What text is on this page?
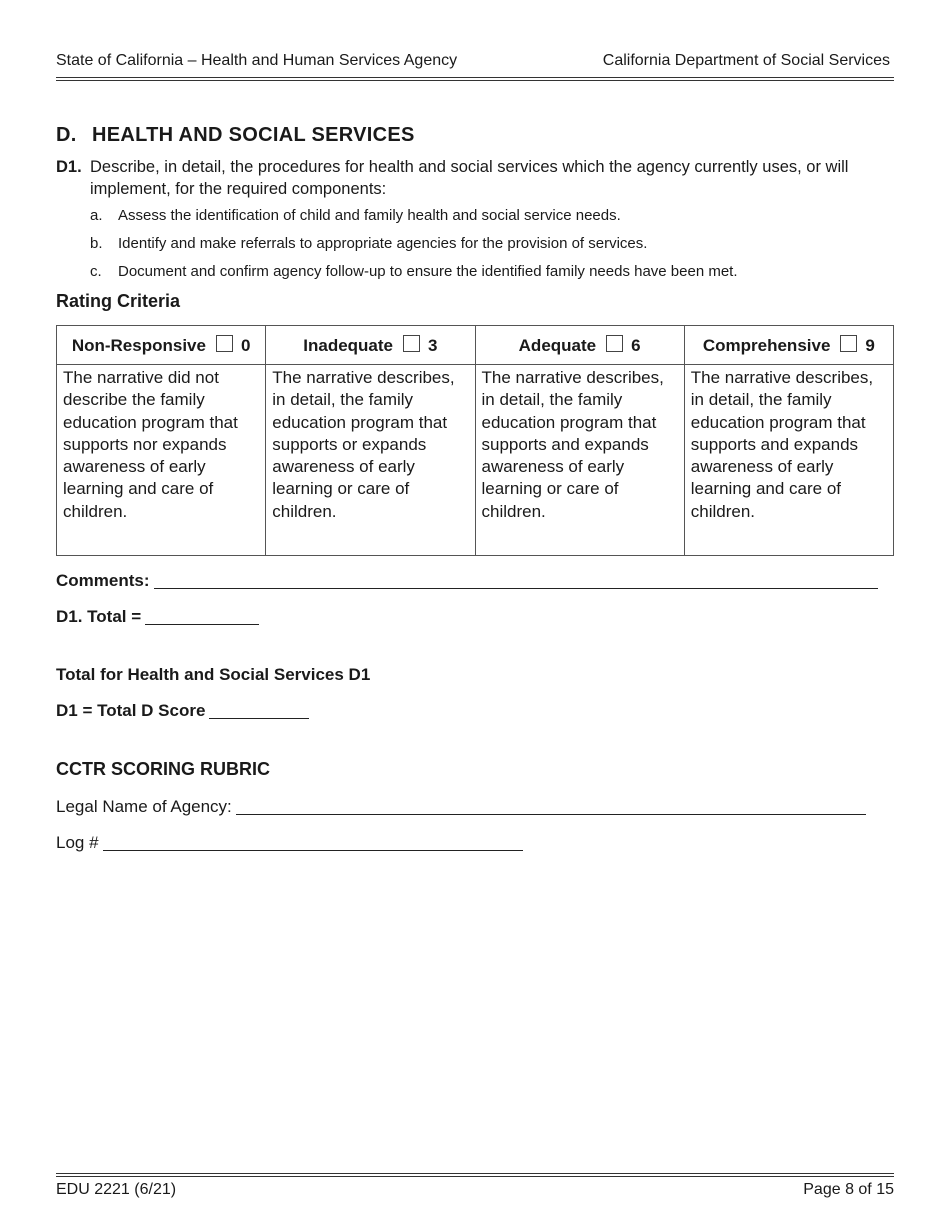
State of California – Health and Human Services Agency	California Department of Social Services
D. HEALTH AND SOCIAL SERVICES
D1. Describe, in detail, the procedures for health and social services which the agency currently uses, or will implement, for the required components:
a. Assess the identification of child and family health and social service needs.
b. Identify and make referrals to appropriate agencies for the provision of services.
c. Document and confirm agency follow-up to ensure the identified family needs have been met.
Rating Criteria
Non-Responsive 0	Inadequate 3	Adequate 6	Comprehensive 9
The narrative did not describe the family education program that supports nor expands awareness of early learning and care of children.	The narrative describes, in detail, the family education program that supports or expands awareness of early learning or care of children.	The narrative describes, in detail, the family education program that supports and expands awareness of early learning or care of children.	The narrative describes, in detail, the family education program that supports and expands awareness of early learning and care of children.
Comments:
D1. Total =
Total for Health and Social Services D1
D1 = Total D Score
CCTR SCORING RUBRIC
Legal Name of Agency:
Log #
EDU 2221 (6/21)	Page 8 of 15
